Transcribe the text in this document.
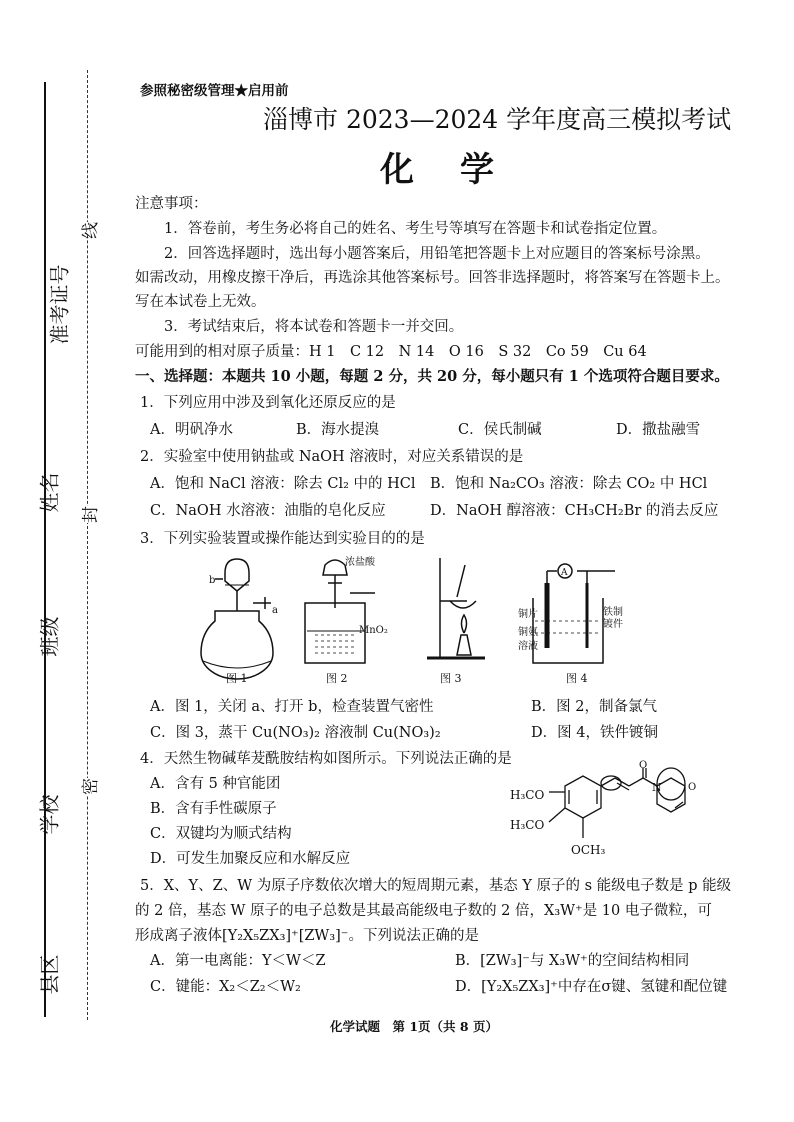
准考证号
姓名
班级
学校
县区
线
封
密
参照秘密级管理★启用前
淄博市 2023—2024 学年度高三模拟考试
化　学
注意事项：
1．答卷前，考生务必将自己的姓名、考生号等填写在答题卡和试卷指定位置。
2．回答选择题时，选出每小题答案后，用铅笔把答题卡上对应题目的答案标号涂黑。
如需改动，用橡皮擦干净后，再选涂其他答案标号。回答非选择题时，将答案写在答题卡上。
写在本试卷上无效。
3．考试结束后，将本试卷和答题卡一并交回。
可能用到的相对原子质量：H 1　C 12　N 14　O 16　S 32　Co 59　Cu 64
一、选择题：本题共 10 小题，每题 2 分，共 20 分，每小题只有 1 个选项符合题目要求。
1．下列应用中涉及到氧化还原反应的是
A．明矾净水	B．海水提溴	C．侯氏制碱	D．撒盐融雪
2．实验室中使用钠盐或 NaOH 溶液时，对应关系错误的是
A．饱和 NaCl 溶液：除去 Cl₂ 中的 HCl B．饱和 Na₂CO₃ 溶液：除去 CO₂ 中 HCl
C．NaOH 水溶液：油脂的皂化反应	D．NaOH 醇溶液：CH₃CH₂Br 的消去反应
3．下列实验装置或操作能达到实验目的的是
b
a
浓盐酸
MnO₂
铜片
铜氨
溶液
铁制
镀件
A
图 1	图 2	图 3	图 4
A．图 1，关闭 a、打开 b，检查装置气密性	B．图 2，制备氯气
C．图 3，蒸干 Cu(NO₃)₂ 溶液制 Cu(NO₃)₂	D．图 4，铁件镀铜
4．天然生物碱荜茇酰胺结构如图所示。下列说法正确的是
A．含有 5 种官能团
B．含有手性碳原子
C．双键均为顺式结构
D．可发生加聚反应和水解反应
H₃CO
H₃CO
OCH₃
O
N	O
5．X、Y、Z、W 为原子序数依次增大的短周期元素，基态 Y 原子的 s 能级电子数是 p 能级
的 2 倍，基态 W 原子的电子总数是其最高能级电子数的 2 倍，X₃W⁺是 10 电子微粒，可
形成离子液体[Y₂X₅ZX₃]⁺[ZW₃]⁻。下列说法正确的是
A．第一电离能：Y＜W＜Z	B．[ZW₃]⁻与 X₃W⁺的空间结构相同
C．键能：X₂＜Z₂＜W₂	D．[Y₂X₅ZX₃]⁺中存在σ键、氢键和配位键
化学试题　第 1页（共 8 页）
